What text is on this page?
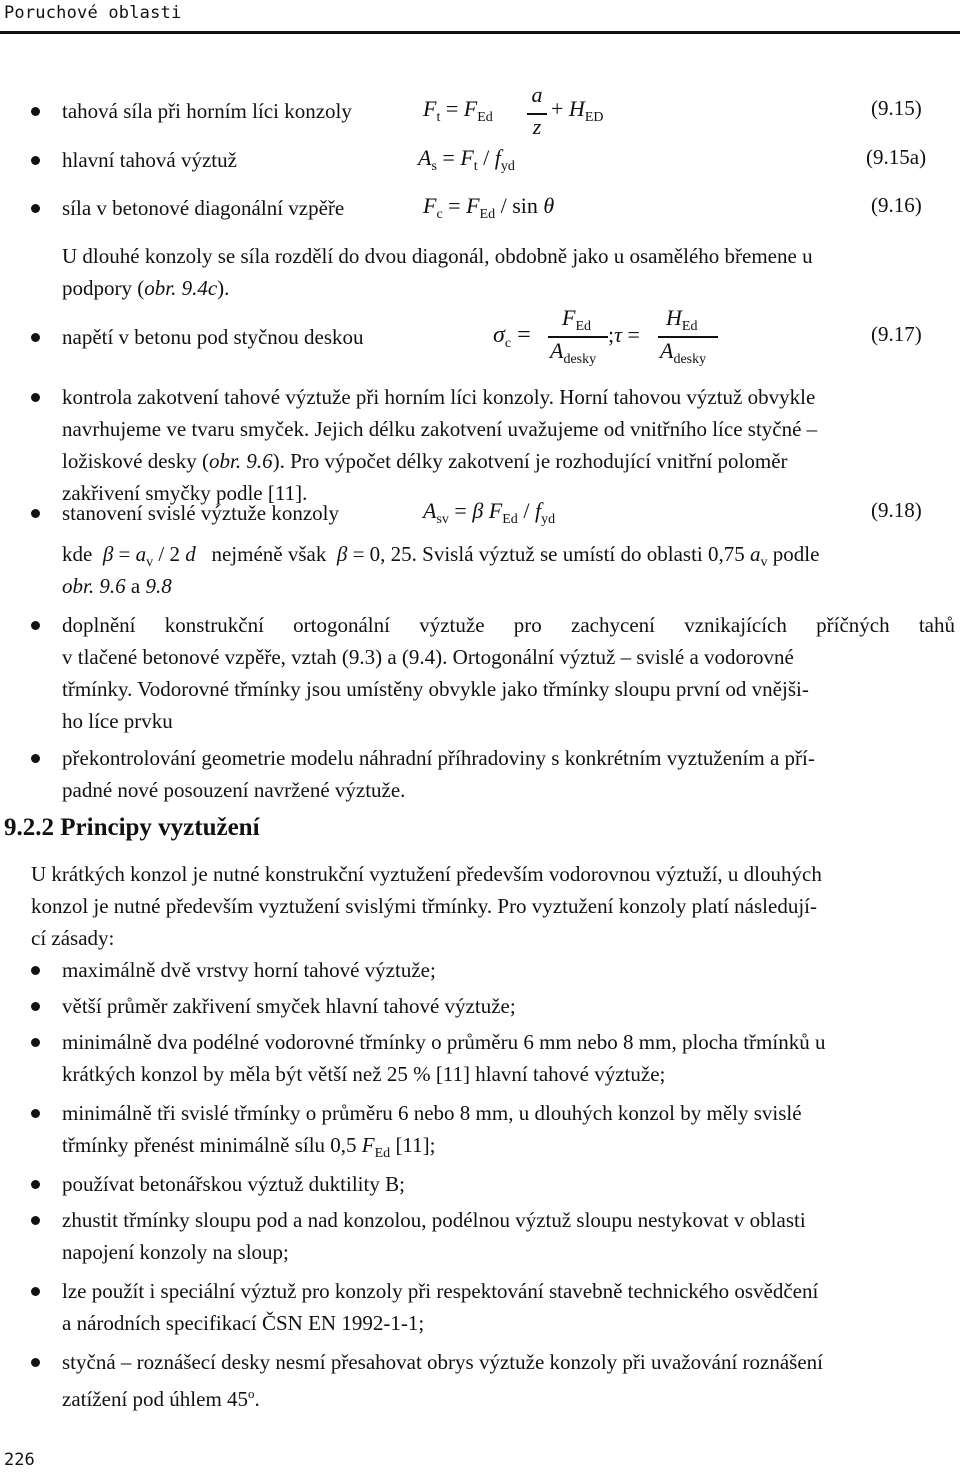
Poruchové oblasti
tahová síla při horním líci konzoly	$F_t = F_{Ed}$
a
z
+ $H_{ED}$	(9.15)
hlavní tahová výztuž	$A_s = F_t / f_{yd}$	(9.15a)
síla v betonové diagonální vzpěře	$F_c = F_{Ed} / \sin \theta$	(9.16)
U dlouhé konzoly se síla rozdělí do dvou diagonál, obdobně jako u osamělého břemene u
podpory (obr. 9.4c).
napětí v betonu pod styčnou deskou	$\sigma_c$ =
$F_{Ed}$
$A_{desky}$
;τ =
$H_{Ed}$
$A_{desky}$
(9.17)
kontrola zakotvení tahové výztuže při horním líci konzoly. Horní tahovou výztuž obvykle
navrhujeme ve tvaru smyček. Jejich délku zakotvení uvažujeme od vnitřního líce styčné –
ložiskové desky (obr. 9.6). Pro výpočet délky zakotvení je rozhodující vnitřní poloměr
zakřivení smyčky podle [11].
stanovení svislé výztuže konzoly	$A_{sv} = \beta$ $F_{Ed} / f_{yd}$	(9.18)
kde $\beta = a_v / 2$ d nejméně však β = 0, 25. Svislá výztuž se umístí do oblasti 0,75 $a_v$ podle
obr. 9.6 a 9.8
doplnění konstrukční ortogonální výztuže pro zachycení vznikajících příčných tahů
v tlačené betonové vzpěře, vztah (9.3) a (9.4). Ortogonální výztuž – svislé a vodorovné
třmínky. Vodorovné třmínky jsou umístěny obvykle jako třmínky sloupu první od vnějši-
ho líce prvku
překontrolování geometrie modelu náhradní příhradoviny s konkrétním vyztužením a pří-
padné nové posouzení navržené výztuže.
9.2.2 Principy vyztužení
U krátkých konzol je nutné konstrukční vyztužení především vodorovnou výztuží, u dlouhých
konzol je nutné především vyztužení svislými třmínky. Pro vyztužení konzoly platí následují-
cí zásady:
maximálně dvě vrstvy horní tahové výztuže;
větší průměr zakřivení smyček hlavní tahové výztuže;
minimálně dva podélné vodorovné třmínky o průměru 6 mm nebo 8 mm, plocha třmínků u
krátkých konzol by měla být větší než 25 % [11] hlavní tahové výztuže;
minimálně tři svislé třmínky o průměru 6 nebo 8 mm, u dlouhých konzol by měly svislé
třmínky přenést minimálně sílu 0,5 $F_{Ed}$ [11];
používat betonářskou výztuž duktility B;
zhustit třmínky sloupu pod a nad konzolou, podélnou výztuž sloupu nestykovat v oblasti
napojení konzoly na sloup;
lze použít i speciální výztuž pro konzoly při respektování stavebně technického osvědčení
a národních specifikací ČSN EN 1992-1-1;
styčná – roznášecí desky nesmí přesahovat obrys výztuže konzoly při uvažování roznášení
zatížení pod úhlem 45$^o$.
226
